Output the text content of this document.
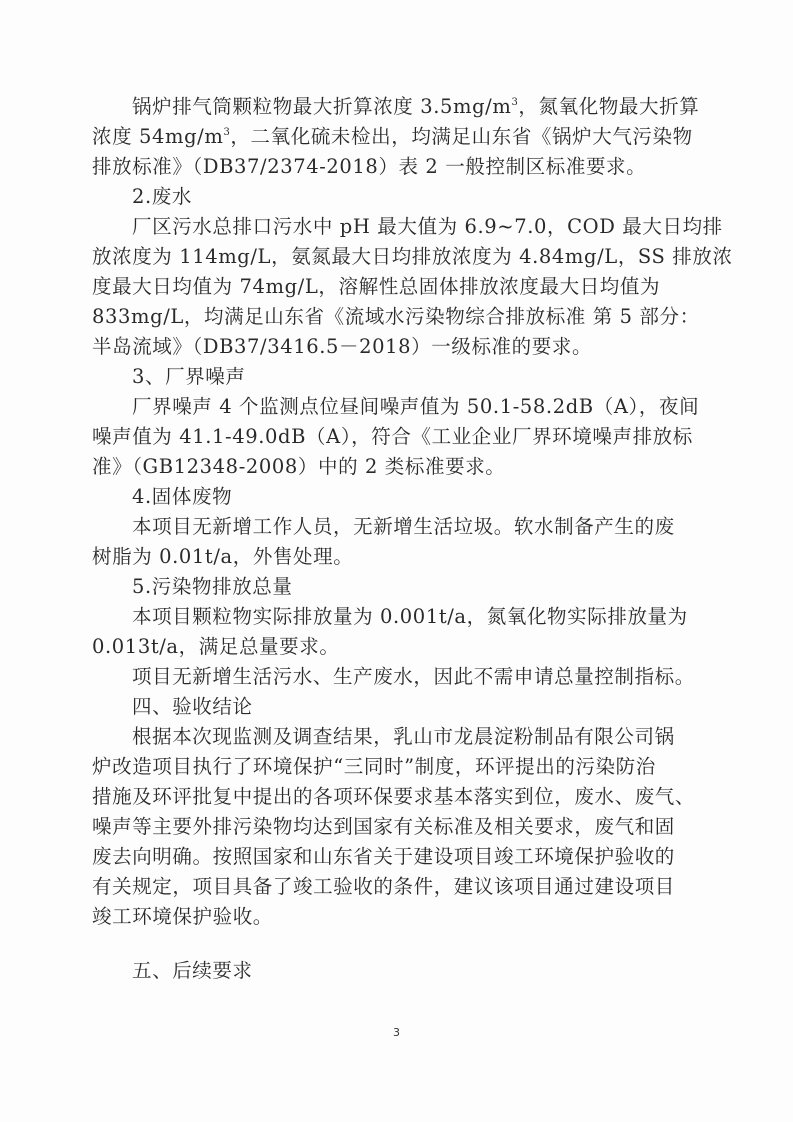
锅炉排气筒颗粒物最大折算浓度 $3.5mg/m^3$，氮氧化物最大折算
浓度 $54mg/m^3$，二氧化硫未检出，均满足山东省《锅炉大气污染物
排放标准》（DB37/2374-2018）表 2 一般控制区标准要求。
2.废水
厂区污水总排口污水中 pH 最大值为 6.9~7.0，COD 最大日均排
放浓度为 114mg/L，氨氮最大日均排放浓度为 4.84mg/L，SS 排放浓
度最大日均值为 74mg/L，溶解性总固体排放浓度最大日均值为
833mg/L，均满足山东省《流域水污染物综合排放标准 第 5 部分：
半岛流域》（DB37/3416.5－2018）一级标准的要求。
3、厂界噪声
厂界噪声 4 个监测点位昼间噪声值为 50.1-58.2dB（A），夜间
噪声值为 41.1-49.0dB（A），符合《工业企业厂界环境噪声排放标
准》（GB12348-2008）中的 2 类标准要求。
4.固体废物
本项目无新增工作人员，无新增生活垃圾。软水制备产生的废
树脂为 0.01t/a，外售处理。
5.污染物排放总量
本项目颗粒物实际排放量为 0.001t/a，氮氧化物实际排放量为
0.013t/a，满足总量要求。
项目无新增生活污水、生产废水，因此不需申请总量控制指标。
四、验收结论
根据本次现监测及调查结果，乳山市龙晨淀粉制品有限公司锅
炉改造项目执行了环境保护“三同时”制度，环评提出的污染防治
措施及环评批复中提出的各项环保要求基本落实到位，废水、废气、
噪声等主要外排污染物均达到国家有关标准及相关要求，废气和固
废去向明确。按照国家和山东省关于建设项目竣工环境保护验收的
有关规定，项目具备了竣工验收的条件，建议该项目通过建设项目
竣工环境保护验收。
五、后续要求
3
